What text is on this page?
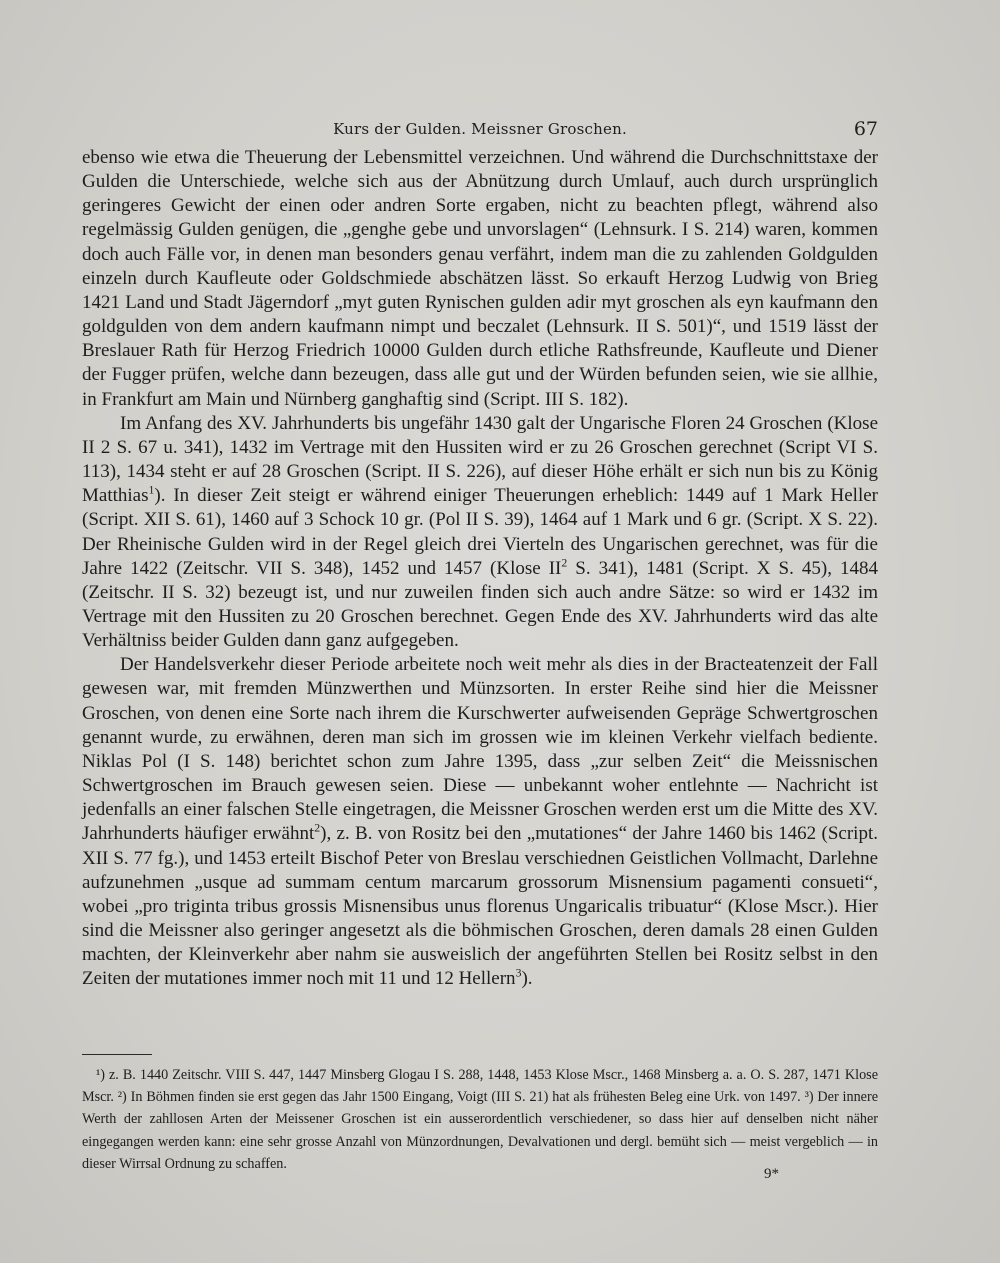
Kurs der Gulden. Meissner Groschen.	67

ebenso wie etwa die Theuerung der Lebensmittel verzeichnen. Und während die Durchschnittstaxe der Gulden die Unterschiede, welche sich aus der Abnützung durch Umlauf, auch durch ursprünglich geringeres Gewicht der einen oder andren Sorte ergaben, nicht zu beachten pflegt, während also regelmässig Gulden genügen, die „genghe gebe und unvorslagen“ (Lehnsurk. I S. 214) waren, kommen doch auch Fälle vor, in denen man besonders genau verfährt, indem man die zu zahlenden Goldgulden einzeln durch Kaufleute oder Goldschmiede abschätzen lässt. So erkauft Herzog Ludwig von Brieg 1421 Land und Stadt Jägerndorf „myt guten Rynischen gulden adir myt groschen als eyn kaufmann den goldgulden von dem andern kaufmann nimpt und beczalet (Lehnsurk. II S. 501)“, und 1519 lässt der Breslauer Rath für Herzog Friedrich 10000 Gulden durch etliche Rathsfreunde, Kaufleute und Diener der Fugger prüfen, welche dann bezeugen, dass alle gut und der Würden befunden seien, wie sie allhie, in Frankfurt am Main und Nürnberg ganghaftig sind (Script. III S. 182).

Im Anfang des XV. Jahrhunderts bis ungefähr 1430 galt der Ungarische Floren 24 Groschen (Klose II 2 S. 67 u. 341), 1432 im Vertrage mit den Hussiten wird er zu 26 Groschen gerechnet (Script VI S. 113), 1434 steht er auf 28 Groschen (Script. II S. 226), auf dieser Höhe erhält er sich nun bis zu König Matthias$^1$). In dieser Zeit steigt er während einiger Theuerungen erheblich: 1449 auf 1 Mark Heller (Script. XII S. 61), 1460 auf 3 Schock 10 gr. (Pol II S. 39), 1464 auf 1 Mark und 6 gr. (Script. X S. 22). Der Rheinische Gulden wird in der Regel gleich drei Vierteln des Ungarischen gerechnet, was für die Jahre 1422 (Zeitschr. VII S. 348), 1452 und 1457 (Klose $II^2$ S. 341), 1481 (Script. X S. 45), 1484 (Zeitschr. II S. 32) bezeugt ist, und nur zuweilen finden sich auch andre Sätze: so wird er 1432 im Vertrage mit den Hussiten zu 20 Groschen berechnet. Gegen Ende des XV. Jahrhunderts wird das alte Verhältniss beider Gulden dann ganz aufgegeben.

Der Handelsverkehr dieser Periode arbeitete noch weit mehr als dies in der Bracteatenzeit der Fall gewesen war, mit fremden Münzwerthen und Münzsorten. In erster Reihe sind hier die Meissner Groschen, von denen eine Sorte nach ihrem die Kurschwerter aufweisenden Gepräge Schwertgroschen genannt wurde, zu erwähnen, deren man sich im grossen wie im kleinen Verkehr vielfach bediente. Niklas Pol (I S. 148) berichtet schon zum Jahre 1395, dass „zur selben Zeit“ die Meissnischen Schwertgroschen im Brauch gewesen seien. Diese — unbekannt woher entlehnte — Nachricht ist jedenfalls an einer falschen Stelle eingetragen, die Meissner Groschen werden erst um die Mitte des XV. Jahrhunderts häufiger erwähnt$^2$), z. B. von Rositz bei den „mutationes“ der Jahre 1460 bis 1462 (Script. XII S. 77 fg.), und 1453 erteilt Bischof Peter von Breslau verschiednen Geistlichen Vollmacht, Darlehne aufzunehmen „usque ad summam centum marcarum grossorum Misnensium pagamenti consueti“, wobei „pro triginta tribus grossis Misnensibus unus florenus Ungaricalis tribuatur“ (Klose Mscr.). Hier sind die Meissner also geringer angesetzt als die böhmischen Groschen, deren damals 28 einen Gulden machten, der Kleinverkehr aber nahm sie ausweislich der angeführten Stellen bei Rositz selbst in den Zeiten der mutationes immer noch mit 11 und 12 Hellern$^3$).

¹) z. B. 1440 Zeitschr. VIII S. 447, 1447 Minsberg Glogau I S. 288, 1448, 1453 Klose Mscr., 1468 Minsberg a. a. O. S. 287, 1471 Klose Mscr. ²) In Böhmen finden sie erst gegen das Jahr 1500 Eingang, Voigt (III S. 21) hat als frühesten Beleg eine Urk. von 1497. ³) Der innere Werth der zahllosen Arten der Meissener Groschen ist ein ausserordentlich verschiedener, so dass hier auf denselben nicht näher eingegangen werden kann: eine sehr grosse Anzahl von Münzordnungen, Devalvationen und dergl. bemüht sich — meist vergeblich — in dieser Wirrsal Ordnung zu schaffen.

9*
